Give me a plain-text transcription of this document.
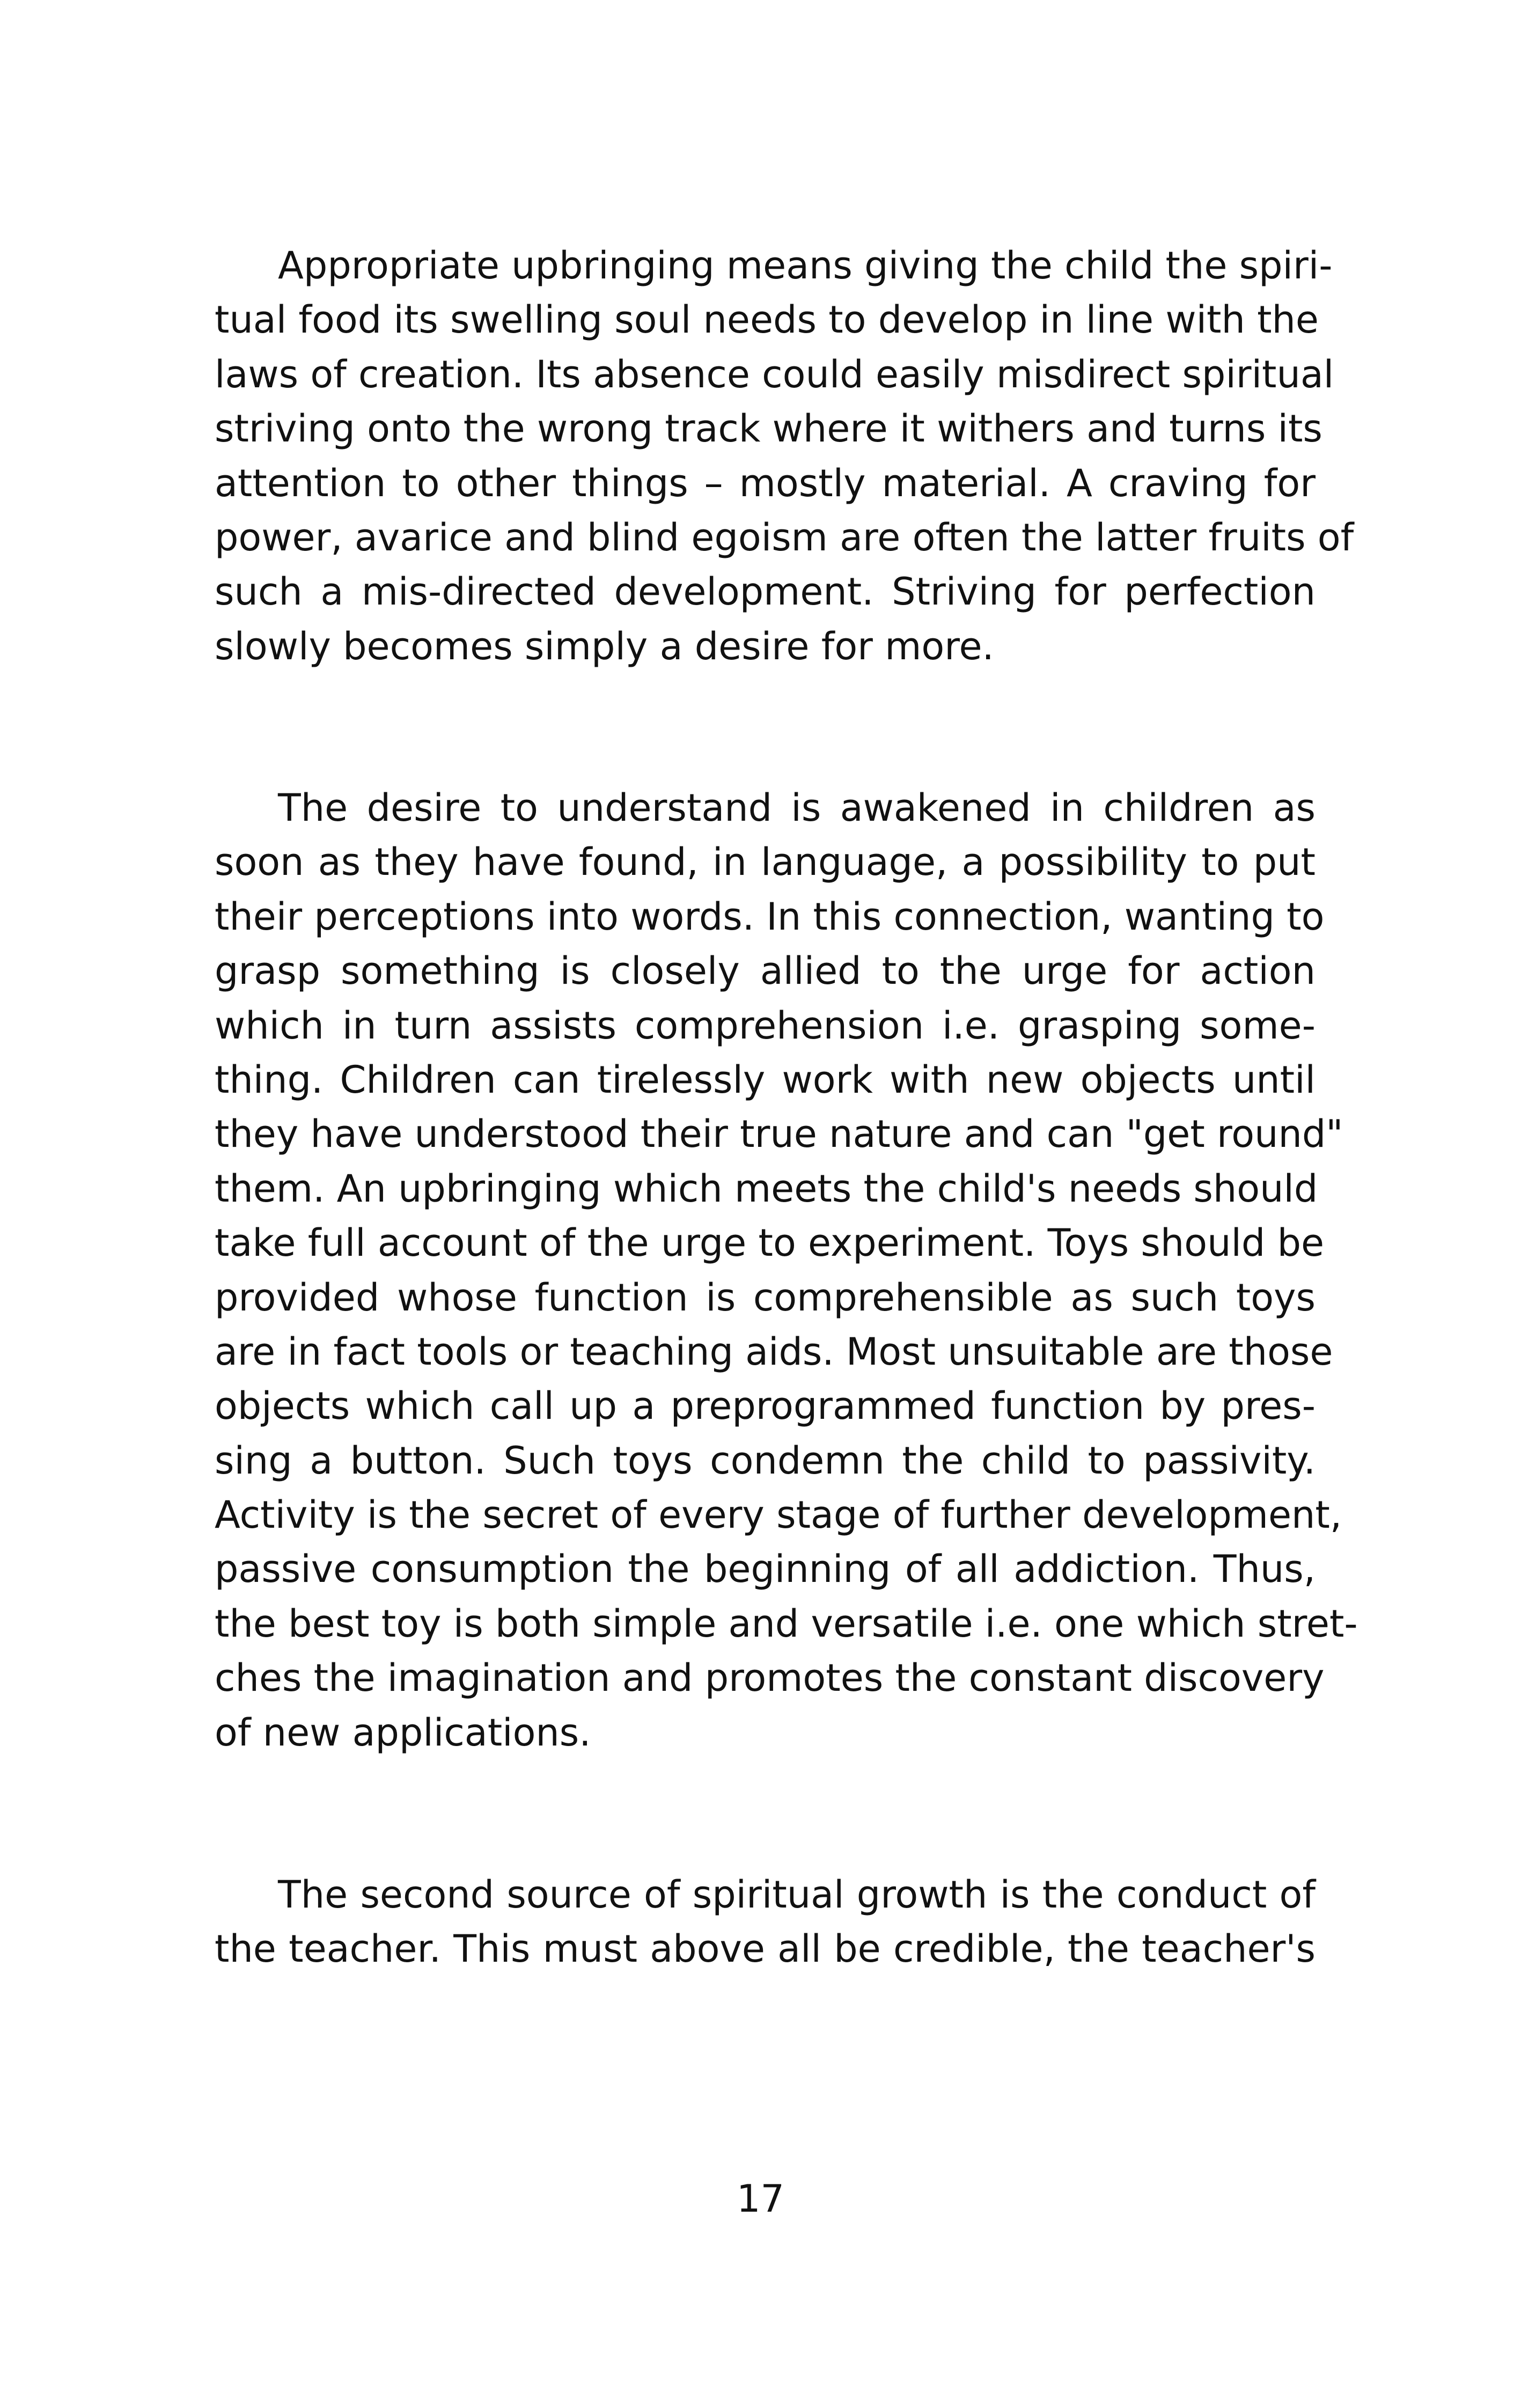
Appropriate upbringing means giving the child the spiri-
tual food its swelling soul needs to develop in line with the
laws of creation. Its absence could easily misdirect spiritual
striving onto the wrong track where it withers and turns its
attention to other things – mostly material. A craving for
power, avarice and blind egoism are often the latter fruits of
such a mis-directed development. Striving for perfection
slowly becomes simply a desire for more.
The desire to understand is awakened in children as
soon as they have found, in language, a possibility to put
their perceptions into words. In this connection, wanting to
grasp something is closely allied to the urge for action
which in turn assists comprehension i.e. grasping some-
thing. Children can tirelessly work with new objects until
they have understood their true nature and can "get round"
them. An upbringing which meets the child's needs should
take full account of the urge to experiment. Toys should be
provided whose function is comprehensible as such toys
are in fact tools or teaching aids. Most unsuitable are those
objects which call up a preprogrammed function by pres-
sing a button. Such toys condemn the child to passivity.
Activity is the secret of every stage of further development,
passive consumption the beginning of all addiction. Thus,
the best toy is both simple and versatile i.e. one which stret-
ches the imagination and promotes the constant discovery
of new applications.
The second source of spiritual growth is the conduct of
the teacher. This must above all be credible, the teacher's
17
